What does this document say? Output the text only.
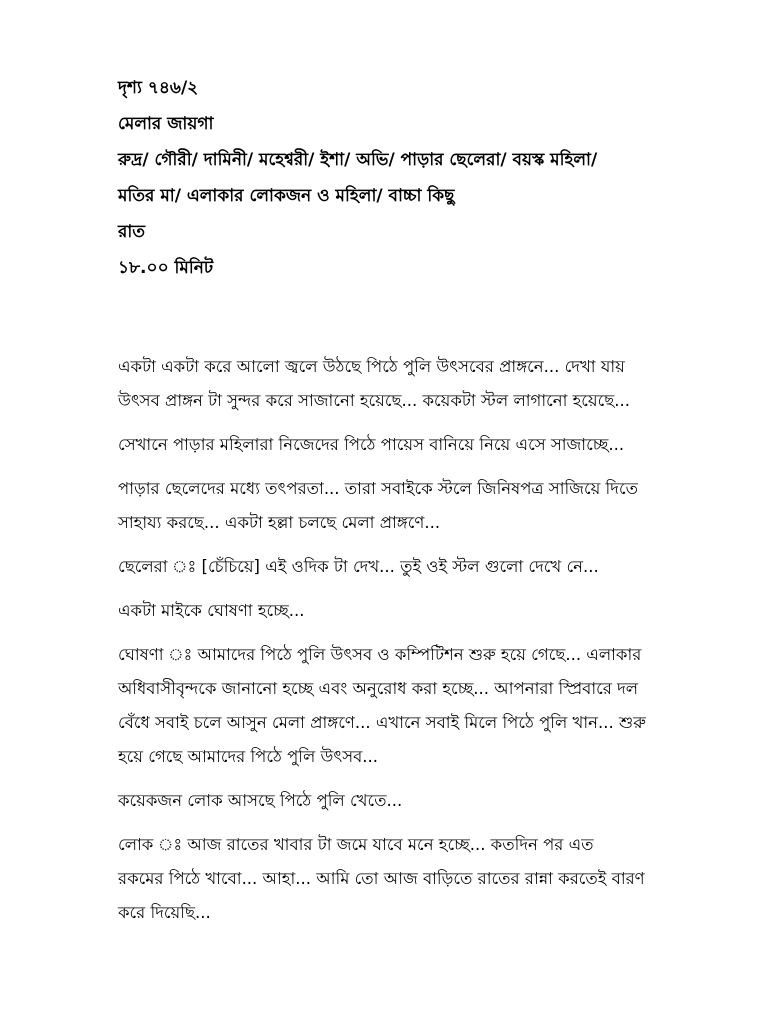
দৃশ্য ৭৪৬/২
মেলার জায়গা
রুদ্র/ গৌরী/ দামিনী/ মহেশ্বরী/ ইশা/ অভি/ পাড়ার ছেলেরা/ বয়স্ক মহিলা/
মতির মা/ এলাকার লোকজন ও মহিলা/ বাচ্চা কিছু
রাত
১৮.০০ মিনিট
একটা একটা করে আলো জ্বলে উঠছে পিঠে পুলি উৎসবের প্রাঙ্গনে... দেখা যায়
উৎসব প্রাঙ্গন টা সুন্দর করে সাজানো হয়েছে... কয়েকটা স্টল লাগানো হয়েছে...
সেখানে পাড়ার মহিলারা নিজেদের পিঠে পায়েস বানিয়ে নিয়ে এসে সাজাচ্ছে...
পাড়ার ছেলেদের মধ্যে তৎপরতা... তারা সবাইকে স্টলে জিনিষপত্র সাজিয়ে দিতে
সাহায্য করছে... একটা হল্লা চলছে মেলা প্রাঙ্গণে...
ছেলেরা ঃ [চেঁচিয়ে] এই ওদিক টা দেখ... তুই ওই স্টল গুলো দেখে নে...
একটা মাইকে ঘোষণা হচ্ছে...
ঘোষণা ঃ আমাদের পিঠে পুলি উৎসব ও কম্পিটিশন শুরু হয়ে গেছে... এলাকার
অধিবাসীবৃন্দকে জানানো হচ্ছে এবং অনুরোধ করা হচ্ছে... আপনারা স্প্রিবারে দল
বেঁধে সবাই চলে আসুন মেলা প্রাঙ্গণে... এখানে সবাই মিলে পিঠে পুলি খান... শুরু
হয়ে গেছে আমাদের পিঠে পুলি উৎসব...
কয়েকজন লোক আসছে পিঠে পুলি খেতে...
লোক ঃ আজ রাতের খাবার টা জমে যাবে মনে হচ্ছে... কতদিন পর এত
রকমের পিঠে খাবো... আহা... আমি তো আজ বাড়িতে রাতের রান্না করতেই বারণ
করে দিয়েছি...
